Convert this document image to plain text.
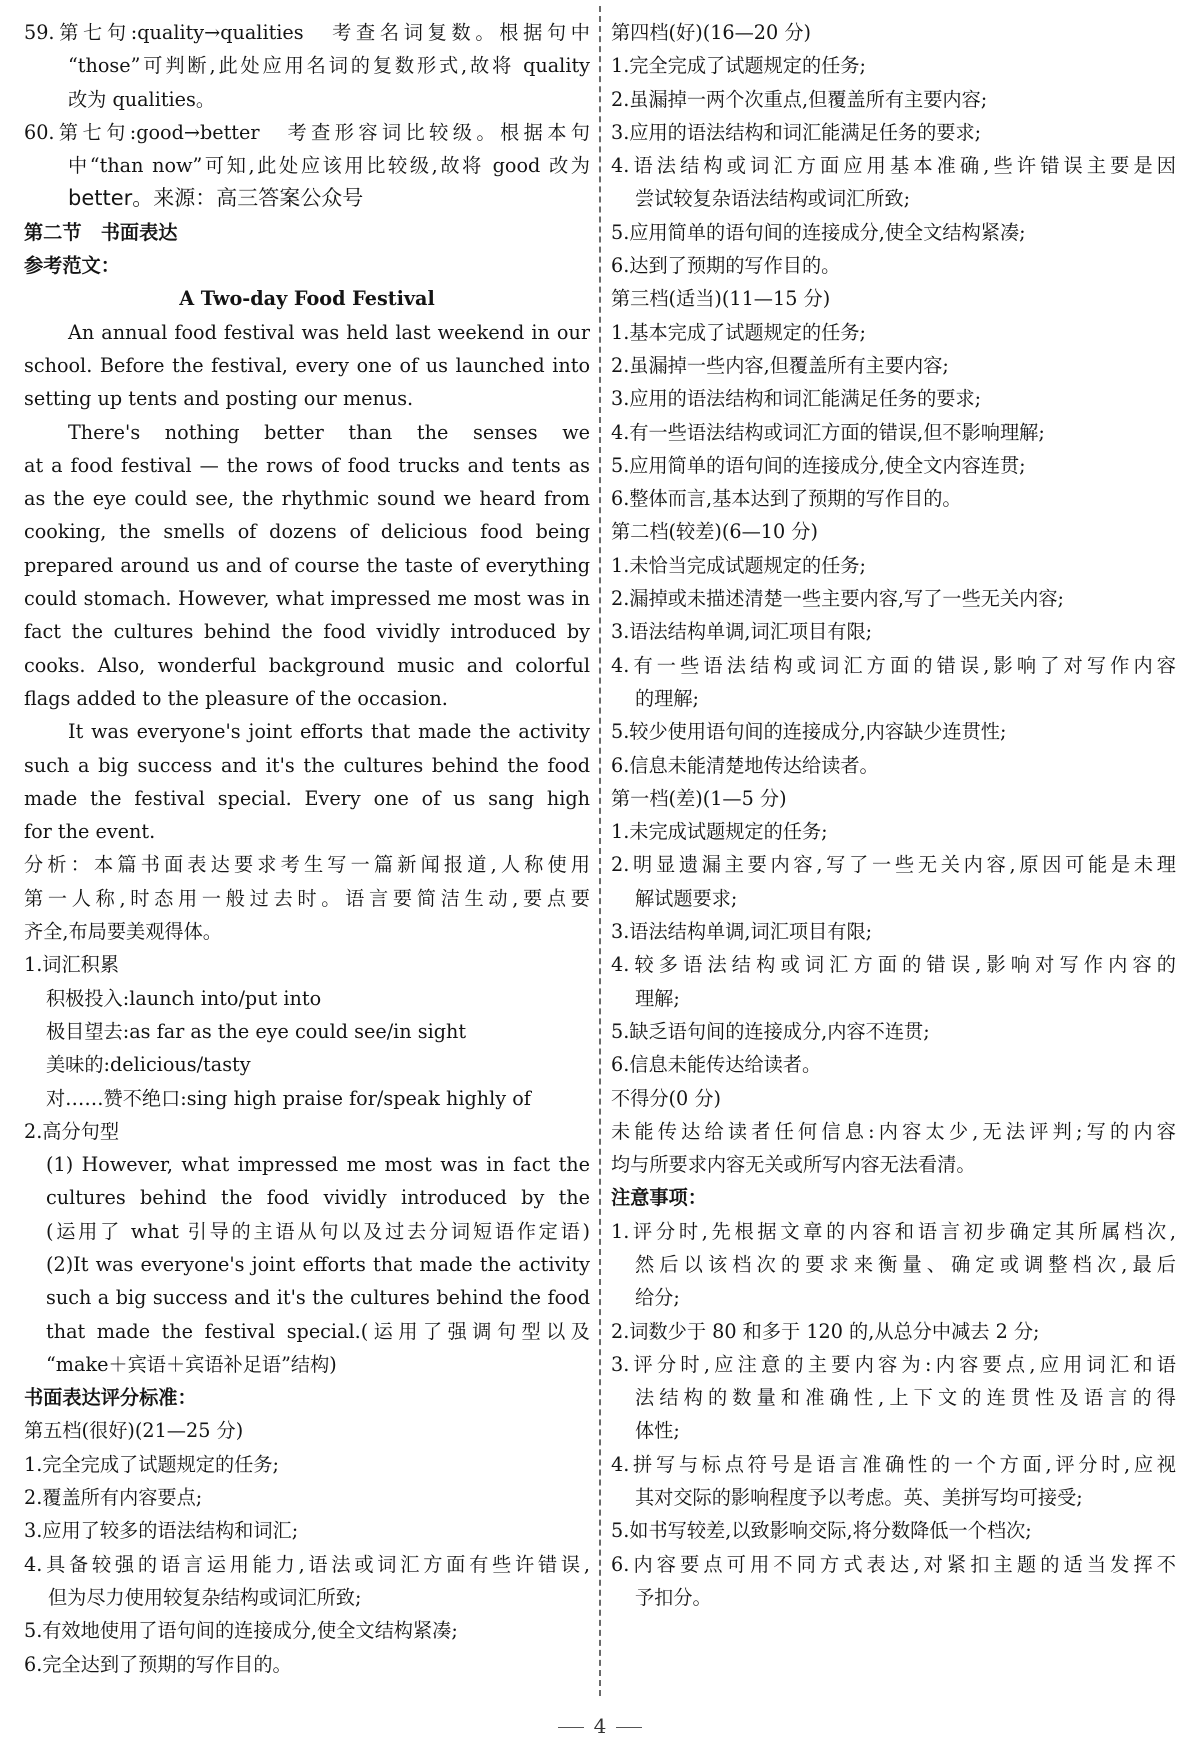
59.第七句:quality→qualities　考查名词复数。根据句中
“those”可判断,此处应用名词的复数形式,故将 quality
改为 qualities。
60.第七句:good→better　考查形容词比较级。根据本句
中“than now”可知,此处应该用比较级,故将 good 改为
better。来源：高三答案公众号
第二节　书面表达
参考范文：
A Two-day Food Festival
An annual food festival was held last weekend in our
school. Before the festival, every one of us launched into
setting up tents and posting our menus.
There's nothing better than the senses we
at a food festival — the rows of food trucks and tents as
as the eye could see, the rhythmic sound we heard from
cooking, the smells of dozens of delicious food being
prepared around us and of course the taste of everything
could stomach. However, what impressed me most was in
fact the cultures behind the food vividly introduced by
cooks. Also, wonderful background music and colorful
flags added to the pleasure of the occasion.
It was everyone's joint efforts that made the activity
such a big success and it's the cultures behind the food
made the festival special. Every one of us sang high
for the event.
分析：本篇书面表达要求考生写一篇新闻报道,人称使用
第一人称,时态用一般过去时。语言要简洁生动,要点要
齐全,布局要美观得体。
1.词汇积累
积极投入:launch into/put into
极目望去:as far as the eye could see/in sight
美味的:delicious/tasty
对……赞不绝口:sing high praise for/speak highly of
2.高分句型
(1) However, what impressed me most was in fact the
cultures behind the food vividly introduced by the
(运用了 what 引导的主语从句以及过去分词短语作定语)
(2)It was everyone's joint efforts that made the activity
such a big success and it's the cultures behind the food
that made the festival special.(运用了强调句型以及
“make＋宾语＋宾语补足语”结构)
书面表达评分标准：
第五档(很好)(21—25 分)
1.完全完成了试题规定的任务;
2.覆盖所有内容要点;
3.应用了较多的语法结构和词汇;
4.具备较强的语言运用能力,语法或词汇方面有些许错误,
但为尽力使用较复杂结构或词汇所致;
5.有效地使用了语句间的连接成分,使全文结构紧凑;
6.完全达到了预期的写作目的。
第四档(好)(16—20 分)
1.完全完成了试题规定的任务;
2.虽漏掉一两个次重点,但覆盖所有主要内容;
3.应用的语法结构和词汇能满足任务的要求;
4.语法结构或词汇方面应用基本准确,些许错误主要是因
尝试较复杂语法结构或词汇所致;
5.应用简单的语句间的连接成分,使全文结构紧凑;
6.达到了预期的写作目的。
第三档(适当)(11—15 分)
1.基本完成了试题规定的任务;
2.虽漏掉一些内容,但覆盖所有主要内容;
3.应用的语法结构和词汇能满足任务的要求;
4.有一些语法结构或词汇方面的错误,但不影响理解;
5.应用简单的语句间的连接成分,使全文内容连贯;
6.整体而言,基本达到了预期的写作目的。
第二档(较差)(6—10 分)
1.未恰当完成试题规定的任务;
2.漏掉或未描述清楚一些主要内容,写了一些无关内容;
3.语法结构单调,词汇项目有限;
4.有一些语法结构或词汇方面的错误,影响了对写作内容
的理解;
5.较少使用语句间的连接成分,内容缺少连贯性;
6.信息未能清楚地传达给读者。
第一档(差)(1—5 分)
1.未完成试题规定的任务;
2.明显遗漏主要内容,写了一些无关内容,原因可能是未理
解试题要求;
3.语法结构单调,词汇项目有限;
4.较多语法结构或词汇方面的错误,影响对写作内容的
理解;
5.缺乏语句间的连接成分,内容不连贯;
6.信息未能传达给读者。
不得分(0 分)
未能传达给读者任何信息:内容太少,无法评判;写的内容
均与所要求内容无关或所写内容无法看清。
注意事项：
1.评分时,先根据文章的内容和语言初步确定其所属档次,
然后以该档次的要求来衡量、确定或调整档次,最后
给分;
2.词数少于 80 和多于 120 的,从总分中减去 2 分;
3.评分时,应注意的主要内容为:内容要点,应用词汇和语
法结构的数量和准确性,上下文的连贯性及语言的得
体性;
4.拼写与标点符号是语言准确性的一个方面,评分时,应视
其对交际的影响程度予以考虑。英、美拼写均可接受;
5.如书写较差,以致影响交际,将分数降低一个档次;
6.内容要点可用不同方式表达,对紧扣主题的适当发挥不
予扣分。
4
